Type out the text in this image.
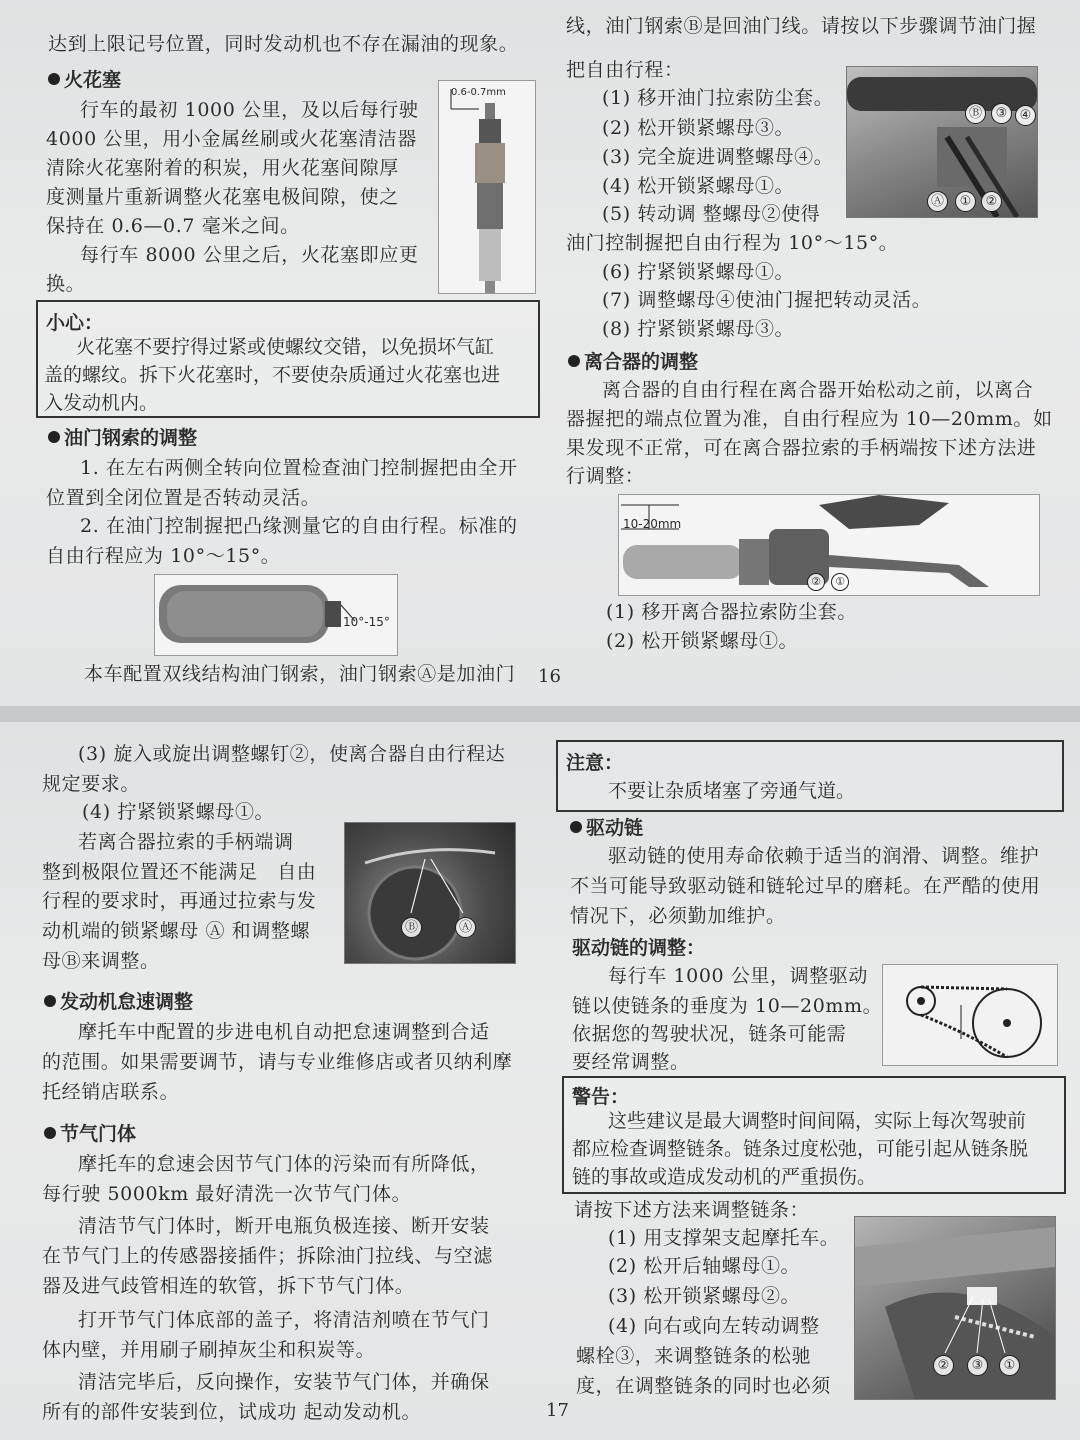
达到上限记号位置，同时发动机也不存在漏油的现象。
火花塞
行车的最初 1000 公里，及以后每行驶
4000 公里，用小金属丝刷或火花塞清洁器
清除火花塞附着的积炭，用火花塞间隙厚
度测量片重新调整火花塞电极间隙，使之
保持在 0.6—0.7 毫米之间。
每行车 8000 公里之后，火花塞即应更
换。
0.6-0.7mm
小心：
火花塞不要拧得过紧或使螺纹交错，以免损坏气缸
盖的螺纹。拆下火花塞时，不要使杂质通过火花塞也进
入发动机内。
油门钢索的调整
1. 在左右两侧全转向位置检查油门控制握把由全开
位置到全闭位置是否转动灵活。
2. 在油门控制握把凸缘测量它的自由行程。标准的
自由行程应为 10°～15°。
10°-15°
本车配置双线结构油门钢索，油门钢索Ⓐ是加油门 16
线，油门钢索Ⓑ是回油门线。请按以下步骤调节油门握
把自由行程：
(1) 移开油门拉索防尘套。
(2) 松开锁紧螺母③。
(3) 完全旋进调整螺母④。
(4) 松开锁紧螺母①。
(5) 转动调 整螺母②使得
油门控制握把自由行程为 10°～15°。
(6) 拧紧锁紧螺母①。
(7) 调整螺母④使油门握把转动灵活。
(8) 拧紧锁紧螺母③。
Ⓑ	③ ④
Ⓐ	①	②
离合器的调整
离合器的自由行程在离合器开始松动之前，以离合
器握把的端点位置为准，自由行程应为 10—20mm。如
果发现不正常，可在离合器拉索的手柄端按下述方法进
行调整：
10-20mm
②	①
(1) 移开离合器拉索防尘套。
(2) 松开锁紧螺母①。
(3) 旋入或旋出调整螺钉②，使离合器自由行程达
规定要求。
(4) 拧紧锁紧螺母①。
若离合器拉索的手柄端调
整到极限位置还不能满足　自由
行程的要求时，再通过拉索与发
动机端的锁紧螺母 Ⓐ 和调整螺
母Ⓑ来调整。
Ⓑ	Ⓐ
发动机怠速调整
摩托车中配置的步进电机自动把怠速调整到合适
的范围。如果需要调节，请与专业维修店或者贝纳利摩
托经销店联系。
节气门体
摩托车的怠速会因节气门体的污染而有所降低，
每行驶 5000km 最好清洗一次节气门体。
清洁节气门体时，断开电瓶负极连接、断开安装
在节气门上的传感器接插件；拆除油门拉线、与空滤
器及进气歧管相连的软管，拆下节气门体。
打开节气门体底部的盖子，将清洁剂喷在节气门
体内壁，并用刷子刷掉灰尘和积炭等。
清洁完毕后，反向操作，安装节气门体，并确保
所有的部件安装到位，试成功 起动发动机。	17
注意：
不要让杂质堵塞了旁通气道。
驱动链
驱动链的使用寿命依赖于适当的润滑、调整。维护
不当可能导致驱动链和链轮过早的磨耗。在严酷的使用
情况下，必须勤加维护。
驱动链的调整：
每行车 1000 公里，调整驱动
链以使链条的垂度为 10—20mm。
依据您的驾驶状况，链条可能需
要经常调整。
警告：
这些建议是最大调整时间间隔，实际上每次驾驶前
都应检查调整链条。链条过度松弛，可能引起从链条脱
链的事故或造成发动机的严重损伤。
请按下述方法来调整链条：
(1) 用支撑架支起摩托车。
(2) 松开后轴螺母①。
(3) 松开锁紧螺母②。
(4) 向右或向左转动调整
螺栓③，来调整链条的松驰
度，在调整链条的同时也必须
②	③	①
